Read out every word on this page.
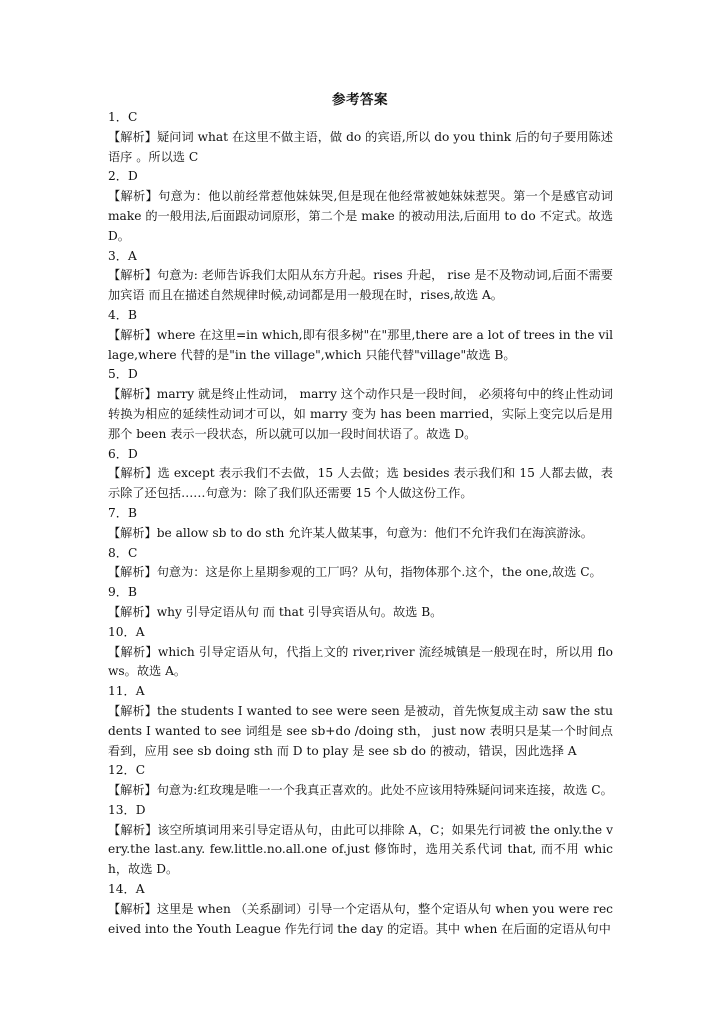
参考答案

1．C

【解析】疑问词 what 在这里不做主语，做 do 的宾语,所以 do you think 后的句子要用陈述语序 。所以选 C

2．D

【解析】句意为：他以前经常惹他妹妹哭,但是现在他经常被她妹妹惹哭。第一个是感官动词 make 的一般用法,后面跟动词原形，第二个是 make 的被动用法,后面用 to do 不定式。故选 D。

3．A

【解析】句意为: 老师告诉我们太阳从东方升起。rises 升起， rise 是不及物动词,后面不需要加宾语 而且在描述自然规律时候,动词都是用一般现在时，rises,故选 A。

4．B

【解析】where 在这里=in which,即有很多树"在"那里,there are a lot of trees in the village,where 代替的是"in the village",which 只能代替"village"故选 B。

5．D

【解析】marry 就是终止性动词， marry 这个动作只是一段时间， 必须将句中的终止性动词转换为相应的延续性动词才可以，如 marry 变为 has been married，实际上变完以后是用那个 been 表示一段状态，所以就可以加一段时间状语了。故选 D。

6．D

【解析】选 except 表示我们不去做，15 人去做；选 besides 表示我们和 15 人都去做，表示除了还包括……句意为：除了我们队还需要 15 个人做这份工作。

7．B

【解析】be allow sb to do sth 允许某人做某事，句意为：他们不允许我们在海滨游泳。

8．C

【解析】句意为：这是你上星期参观的工厂吗？从句，指物体那个.这个，the one,故选 C。

9．B

【解析】why 引导定语从句 而 that 引导宾语从句。故选 B。

10．A

【解析】which 引导定语从句，代指上文的 river,river 流经城镇是一般现在时，所以用 flows。故选 A。

11．A

【解析】the students I wanted to see were seen 是被动，首先恢复成主动 saw the students I wanted to see 词组是 see sb+do /doing sth， just now 表明只是某一个时间点看到，应用 see sb doing sth 而 D to play 是 see sb do 的被动，错误，因此选择 A

12．C

【解析】句意为:红玫瑰是唯一一个我真正喜欢的。此处不应该用特殊疑问词来连接，故选 C。

13．D

【解析】该空所填词用来引导定语从句，由此可以排除 A，C；如果先行词被 the only.the very.the last.any. few.little.no.all.one of.just 修饰时，选用关系代词 that, 而不用 which，故选 D。

14．A

【解析】这里是 when （关系副词）引导一个定语从句，整个定语从句 when you were received into the Youth League 作先行词 the day 的定语。其中 when 在后面的定语从句中
